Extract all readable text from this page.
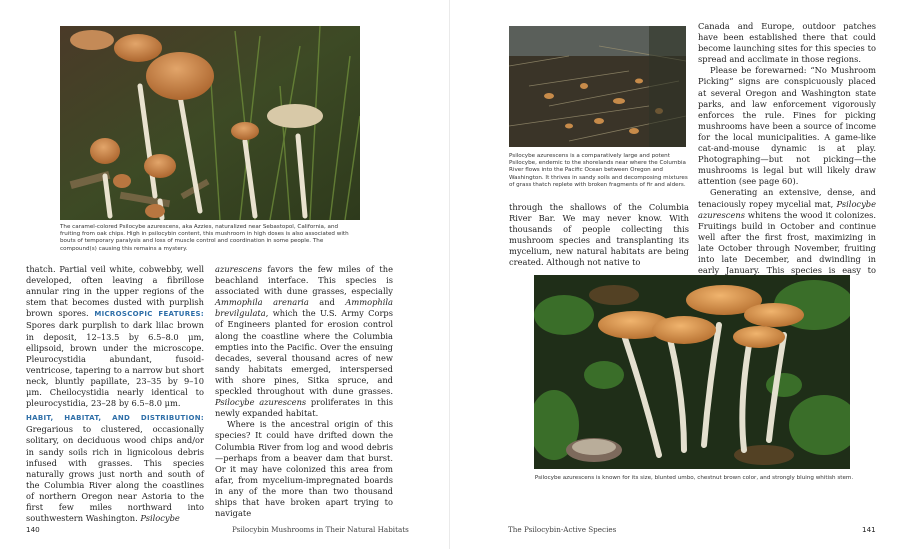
The caramel-colored Psilocybe azurescens, aka Azzies, naturalized near Sebastopol, California, and fruiting from oak chips. High in psilocybin content, this mushroom in high doses is also associated with bouts of temporary paralysis and loss of muscle control and coordination in some people. The compound(s) causing this remains a mystery.

thatch. Partial veil white, cobwebby, well developed, often leaving a fibrillose annular ring in the upper regions of the stem that becomes dusted with purplish brown spores. MICROSCOPIC FEATURES: Spores dark purplish to dark lilac brown in deposit, 12–13.5 by 6.5–8.0 μm, ellipsoid, brown under the microscope. Pleurocystidia abundant, fusoid-ventricose, tapering to a narrow but short neck, bluntly papillate, 23–35 by 9–10 μm. Cheilocystidia nearly identical to pleurocystidia, 23–28 by 6.5–8.0 μm.

HABIT, HABITAT, AND DISTRIBUTION: Gregarious to clustered, occasionally solitary, on deciduous wood chips and/or in sandy soils rich in lignicolous debris infused with grasses. This species naturally grows just north and south of the Columbia River along the coastlines of northern Oregon near Astoria to the first few miles northward into southwestern Washington. Psilocybe

azurescens favors the few miles of the beachland interface. This species is associated with dune grasses, especially Ammophila arenaria and Ammophila brevilgulata, which the U.S. Army Corps of Engineers planted for erosion control along the coastline where the Columbia empties into the Pacific. Over the ensuing decades, several thousand acres of new sandy habitats emerged, interspersed with shore pines, Sitka spruce, and speckled throughout with dune grasses. Psilocybe azurescens proliferates in this newly expanded habitat.

Where is the ancestral origin of this species? It could have drifted down the Columbia River from log and wood debris—perhaps from a beaver dam that burst. Or it may have colonized this area from afar, from mycelium-impregnated boards in any of the more than two thousand ships that have broken apart trying to navigate

140	Psilocybin Mushrooms in Their Natural Habitats
Psilocybe azurescens is a comparatively large and potent Psilocybe, endemic to the shorelands near where the Columbia River flows into the Pacific Ocean between Oregon and Washington. It thrives in sandy soils and decomposing mixtures of grass thatch replete with broken fragments of fir and alders.

through the shallows of the Columbia River Bar. We may never know. With thousands of people collecting this mushroom species and transplanting its mycelium, new natural habitats are being created. Although not native to

Canada and Europe, outdoor patches have been established there that could become launching sites for this species to spread and acclimate in those regions.

Please be forewarned: “No Mushroom Picking” signs are conspicuously placed at several Oregon and Washington state parks, and law enforcement vigorously enforces the rule. Fines for picking mushrooms have been a source of income for the local municipalities. A game-like cat-and-mouse dynamic is at play. Photographing—but not picking—the mushrooms is legal but will likely draw attention (see page 60).

Generating an extensive, dense, and tenaciously ropey mycelial mat, Psilocybe azurescens whitens the wood it colonizes. Fruitings build in October and continue well after the first frost, maximizing in late October through November, fruiting into late December, and dwindling in early January. This species is easy to

Psilocybe azurescens is known for its size, blunted umbo, chestnut brown color, and strongly bluing whitish stem.
The Psilocybin-Active Species	141
